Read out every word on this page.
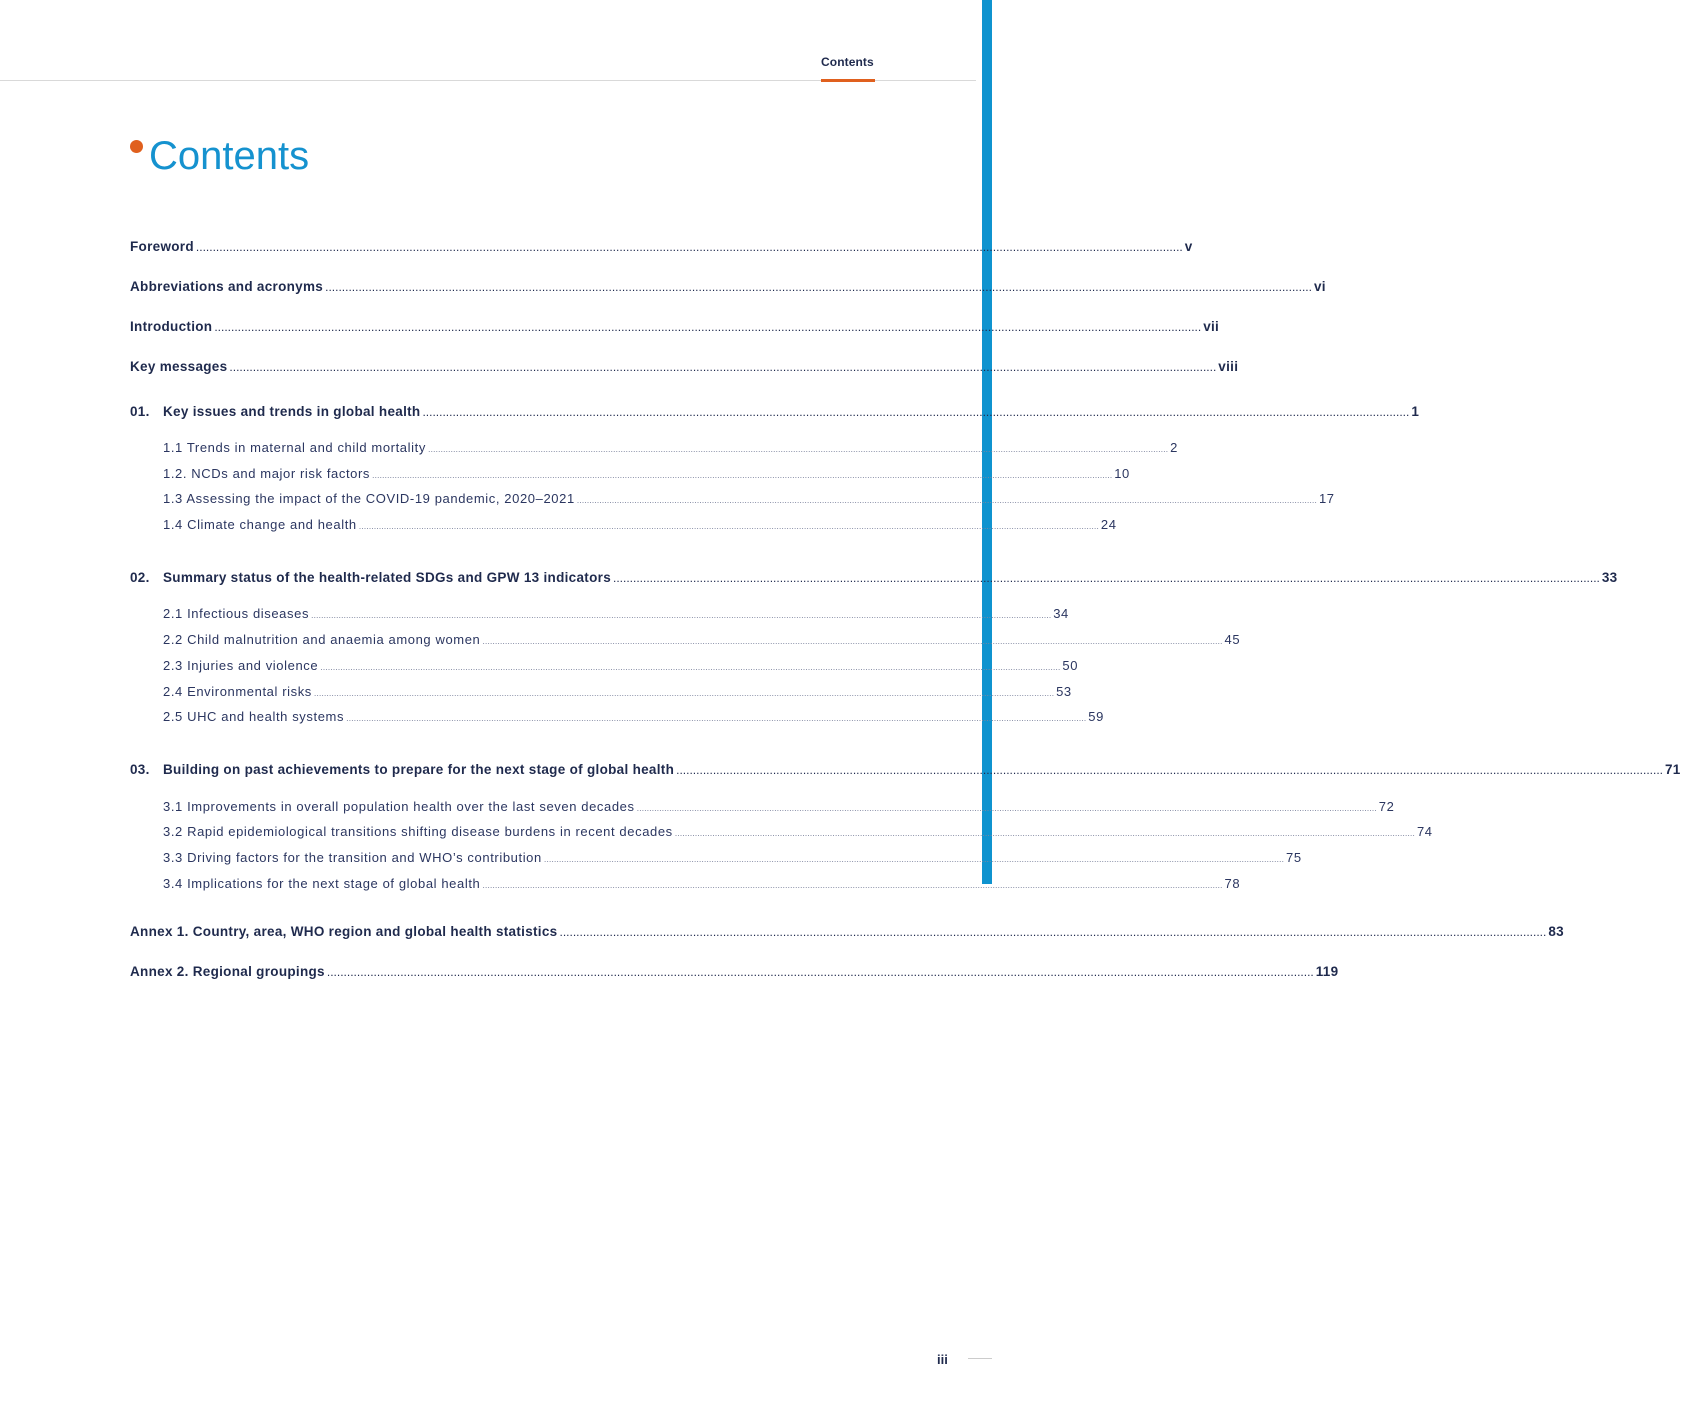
Contents
Contents
Foreword .....	v
Abbreviations and acronyms .....	vi
Introduction .....	vii
Key messages .....	viii
01. Key issues and trends in global health .....	1
1.1 Trends in maternal and child mortality .....	2
1.2. NCDs and major risk factors .....	10
1.3 Assessing the impact of the COVID-19 pandemic, 2020–2021 .....	17
1.4 Climate change and health .....	24
02. Summary status of the health-related SDGs and GPW 13 indicators .....	33
2.1 Infectious diseases .....	34
2.2 Child malnutrition and anaemia among women .....	45
2.3 Injuries and violence .....	50
2.4 Environmental risks .....	53
2.5 UHC and health systems .....	59
03. Building on past achievements to prepare for the next stage of global health .....	71
3.1 Improvements in overall population health over the last seven decades .....	72
3.2 Rapid epidemiological transitions shifting disease burdens in recent decades .....	74
3.3 Driving factors for the transition and WHO’s contribution .....	75
3.4 Implications for the next stage of global health .....	78
Annex 1. Country, area, WHO region and global health statistics .....	83
Annex 2. Regional groupings .....	119
iii
